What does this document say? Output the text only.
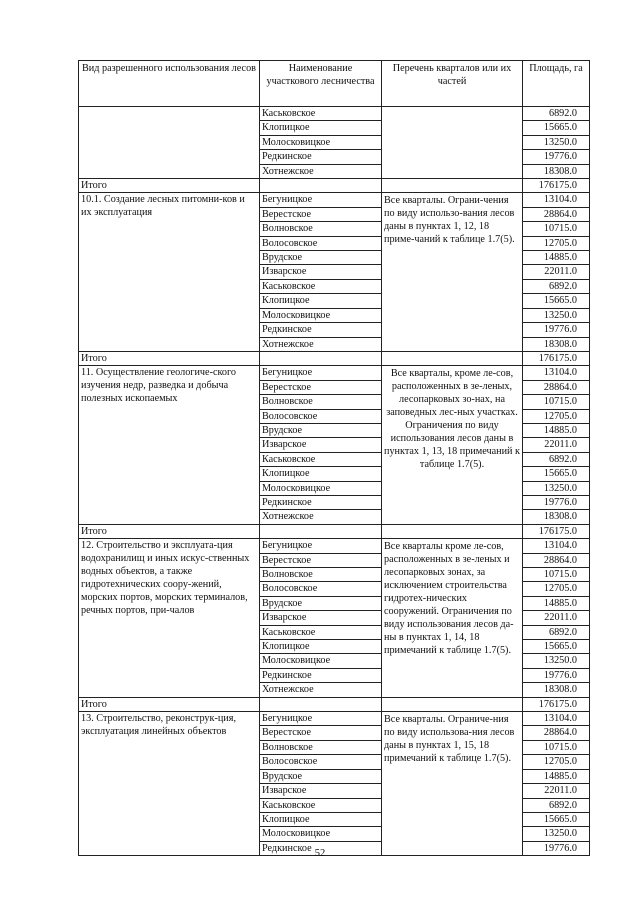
Вид разрешенного использования лесов	Наименование участкового лесничества	Перечень кварталов или их частей	Площадь, га
	Каськовское		6892.0
	Клопицкое		15665.0
	Молосковицкое		13250.0
	Редкинское		19776.0
	Хотнежское		18308.0
Итого			176175.0
10.1. Создание лесных питомни-ков и их эксплуатация	Бегуницкое	Все кварталы. Ограни-чения по виду использо-вания лесов даны в пунктах 1, 12, 18 приме-чаний к таблице 1.7(5).	13104.0
	Верестское		28864.0
	Волновское		10715.0
	Волосовское		12705.0
	Врудское		14885.0
	Изварское		22011.0
	Каськовское		6892.0
	Клопицкое		15665.0
	Молосковицкое		13250.0
	Редкинское		19776.0
	Хотнежское		18308.0
Итого			176175.0
11. Осуществление геологиче-ского изучения недр, разведка и добыча полезных ископаемых	Бегуницкое	Все кварталы, кроме ле-сов, расположенных в зе-леных, лесопарковых зо-нах, на заповедных лес-ных участках. Ограничения по виду использования лесов даны в пунктах 1, 13, 18 примечаний к таблице 1.7(5).	13104.0
	Верестское		28864.0
	Волновское		10715.0
	Волосовское		12705.0
	Врудское		14885.0
	Изварское		22011.0
	Каськовское		6892.0
	Клопицкое		15665.0
	Молосковицкое		13250.0
	Редкинское		19776.0
	Хотнежское		18308.0
Итого			176175.0
12. Строительство и эксплуата-ция водохранилищ и иных искус-ственных водных объектов, а также гидротехнических соору-жений, морских портов, морских терминалов, речных портов, при-чалов	Бегуницкое	Все кварталы кроме ле-сов, расположенных в зе-леных и лесопарковых зонах, за исключением строительства гидротех-нических сооружений. Ограничения по виду использования лесов да-ны в пунктах 1, 14, 18 примечаний к таблице 1.7(5).	13104.0
	Верестское		28864.0
	Волновское		10715.0
	Волосовское		12705.0
	Врудское		14885.0
	Изварское		22011.0
	Каськовское		6892.0
	Клопицкое		15665.0
	Молосковицкое		13250.0
	Редкинское		19776.0
	Хотнежское		18308.0
Итого			176175.0
13. Строительство, реконструк-ция, эксплуатация линейных объектов	Бегуницкое	Все кварталы. Ограниче-ния по виду использова-ния лесов даны в пунктах 1, 15, 18 примечаний к таблице 1.7(5).	13104.0
	Верестское		28864.0
	Волновское		10715.0
	Волосовское		12705.0
	Врудское		14885.0
	Изварское		22011.0
	Каськовское		6892.0
	Клопицкое		15665.0
	Молосковицкое		13250.0
	Редкинское		19776.0
52
